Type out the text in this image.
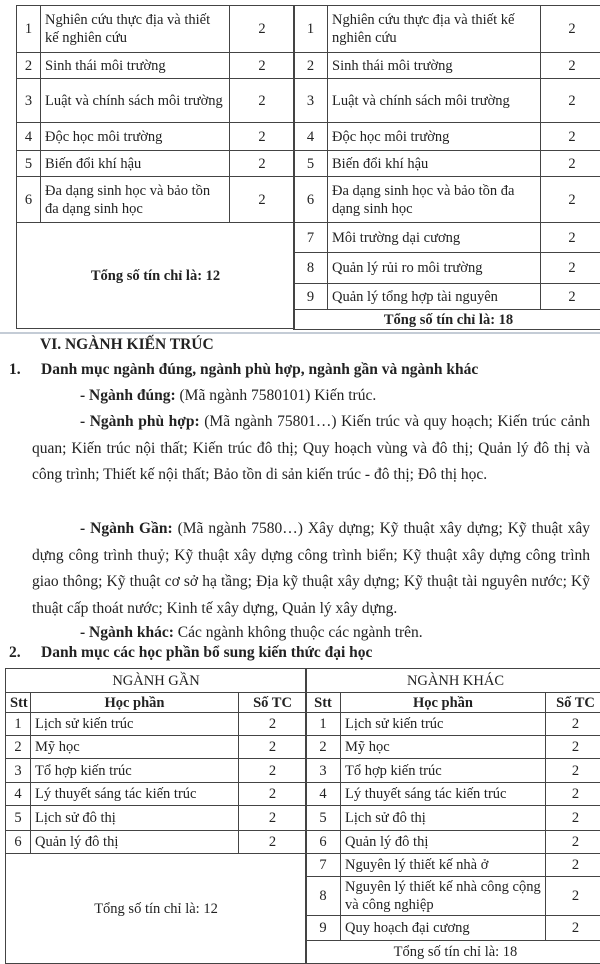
1	Nghiên cứu thực địa và thiết kế nghiên cứu	2
2	Sinh thái môi trường	2
3	Luật và chính sách môi trường	2
4	Độc học môi trường	2
5	Biến đổi khí hậu	2
6	Đa dạng sinh học và bảo tồn đa dạng sinh học	2
Tổng số tín chỉ là: 12		
1	Nghiên cứu thực địa và thiết kế nghiên cứu	2
2	Sinh thái môi trường	2
3	Luật và chính sách môi trường	2
4	Độc học môi trường	2
5	Biến đổi khí hậu	2
6	Đa dạng sinh học và bảo tồn đa dạng sinh học	2
7	Môi trường dại cương	2
8	Quản lý rủi ro môi trường	2
9	Quản lý tổng hợp tài nguyên	2
Tổng số tín chỉ là: 18		
VI. NGÀNH KIẾN TRÚC
1. Danh mục ngành đúng, ngành phù hợp, ngành gần và ngành khác
- Ngành đúng: (Mã ngành 7580101) Kiến trúc.
- Ngành phù hợp: (Mã ngành 75801…) Kiến trúc và quy hoạch; Kiến trúc cảnh quan; Kiến trúc nội thất; Kiến trúc đô thị; Quy hoạch vùng và đô thị; Quản lý đô thị và công trình; Thiết kế nội thất; Bảo tồn di sản kiến trúc - đô thị; Đô thị học.
- Ngành Gần: (Mã ngành 7580…) Xây dựng; Kỹ thuật xây dựng; Kỹ thuật xây dựng công trình thuỷ; Kỹ thuật xây dựng công trình biển; Kỹ thuật xây dựng công trình giao thông; Kỹ thuật cơ sở hạ tầng; Địa kỹ thuật xây dựng; Kỹ thuật tài nguyên nước; Kỹ thuật cấp thoát nước; Kinh tế xây dựng, Quản lý xây dựng.
- Ngành khác: Các ngành không thuộc các ngành trên.
2. Danh mục các học phần bổ sung kiến thức đại học
NGÀNH GẦN		
Stt	Học phần	Số TC
1	Lịch sử kiến trúc	2
2	Mỹ học	2
3	Tổ hợp kiến trúc	2
4	Lý thuyết sáng tác kiến trúc	2
5	Lịch sử đô thị	2
6	Quản lý đô thị	2
Tổng số tín chỉ là: 12		
NGÀNH KHÁC		
Stt	Học phần	Số TC
1	Lịch sử kiến trúc	2
2	Mỹ học	2
3	Tổ hợp kiến trúc	2
4	Lý thuyết sáng tác kiến trúc	2
5	Lịch sử đô thị	2
6	Quản lý đô thị	2
7	Nguyên lý thiết kế nhà ở	2
8	Nguyên lý thiết kế nhà công cộng và công nghiệp	2
9	Quy hoạch đại cương	2
Tổng số tín chỉ là: 18		
